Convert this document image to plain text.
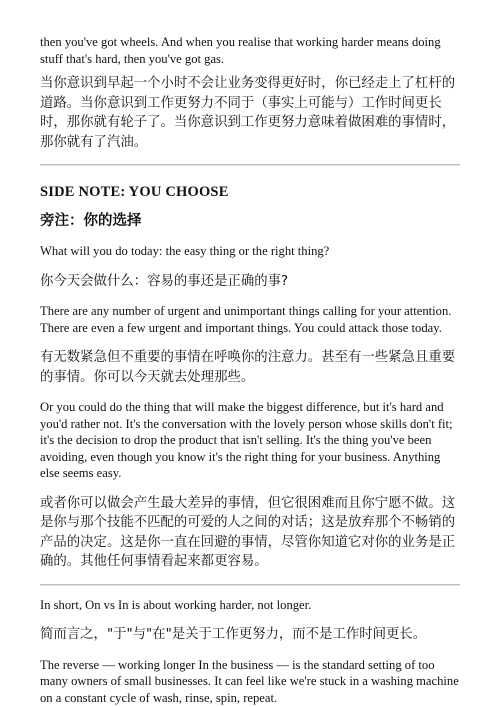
then you've got wheels. And when you realise that working harder means doing stuff that's hard, then you've got gas.

当你意识到早起一个小时不会让业务变得更好时，你已经走上了杠杆的道路。当你意识到工作更努力不同于（事实上可能与）工作时间更长时，那你就有轮子了。当你意识到工作更努力意味着做困难的事情时，那你就有了汽油。

SIDE NOTE: YOU CHOOSE
旁注：你的选择

What will you do today: the easy thing or the right thing?

你今天会做什么：容易的事还是正确的事?

There are any number of urgent and unimportant things calling for your attention. There are even a few urgent and important things. You could attack those today.

有无数紧急但不重要的事情在呼唤你的注意力。甚至有一些紧急且重要的事情。你可以今天就去处理那些。

Or you could do the thing that will make the biggest difference, but it's hard and you'd rather not. It's the conversation with the lovely person whose skills don't fit; it's the decision to drop the product that isn't selling. It's the thing you've been avoiding, even though you know it's the right thing for your business. Anything else seems easy.

或者你可以做会产生最大差异的事情，但它很困难而且你宁愿不做。这是你与那个技能不匹配的可爱的人之间的对话；这是放弃那个不畅销的产品的决定。这是你一直在回避的事情，尽管你知道它对你的业务是正确的。其他任何事情看起来都更容易。

In short, On vs In is about working harder, not longer.

简而言之，"于"与"在"是关于工作更努力，而不是工作时间更长。

The reverse — working longer In the business — is the standard setting of too many owners of small businesses. It can feel like we're stuck in a washing machine on a constant cycle of wash, rinse, spin, repeat.
